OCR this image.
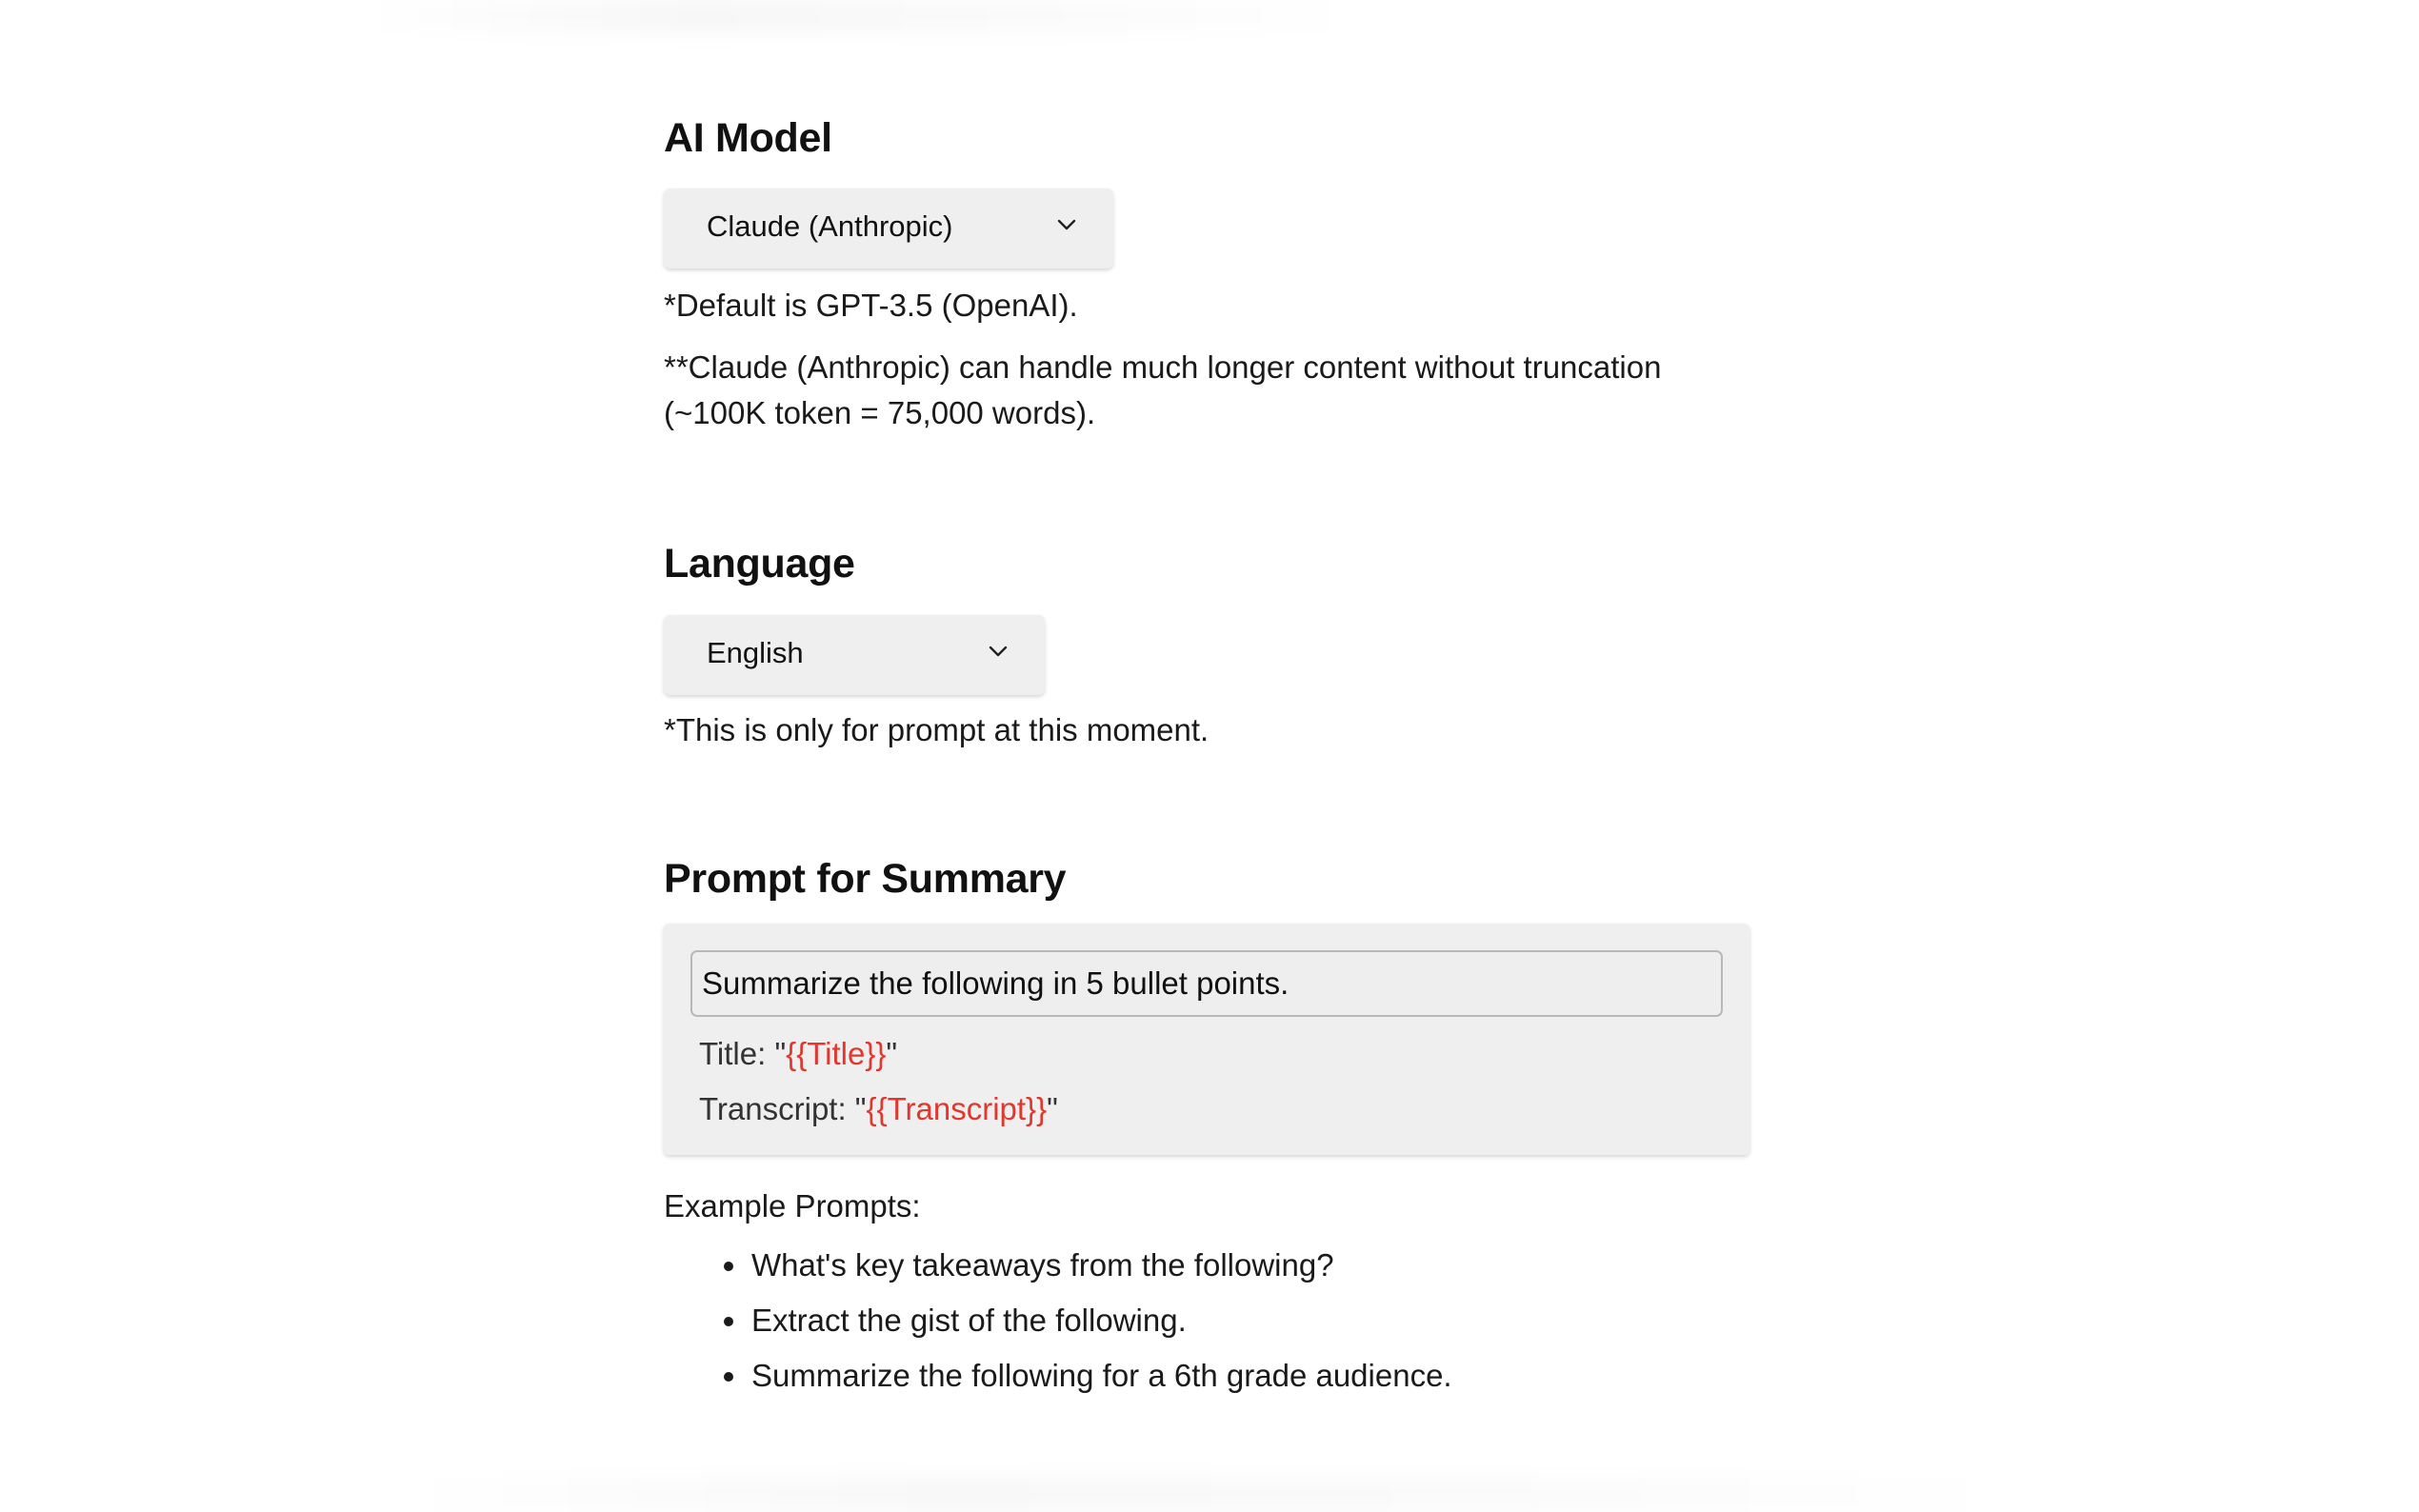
AI Model
Claude (Anthropic)

*Default is GPT-3.5 (OpenAI).

**Claude (Anthropic) can handle much longer content without truncation

(~100K token = 75,000 words).

Language
English

*This is only for prompt at this moment.

Prompt for Summary
Summarize the following in 5 bullet points.
Title: "{{Title}}"
Transcript: "{{Transcript}}"
Example Prompts:
What's key takeaways from the following?
Extract the gist of the following.
Summarize the following for a 6th grade audience.
